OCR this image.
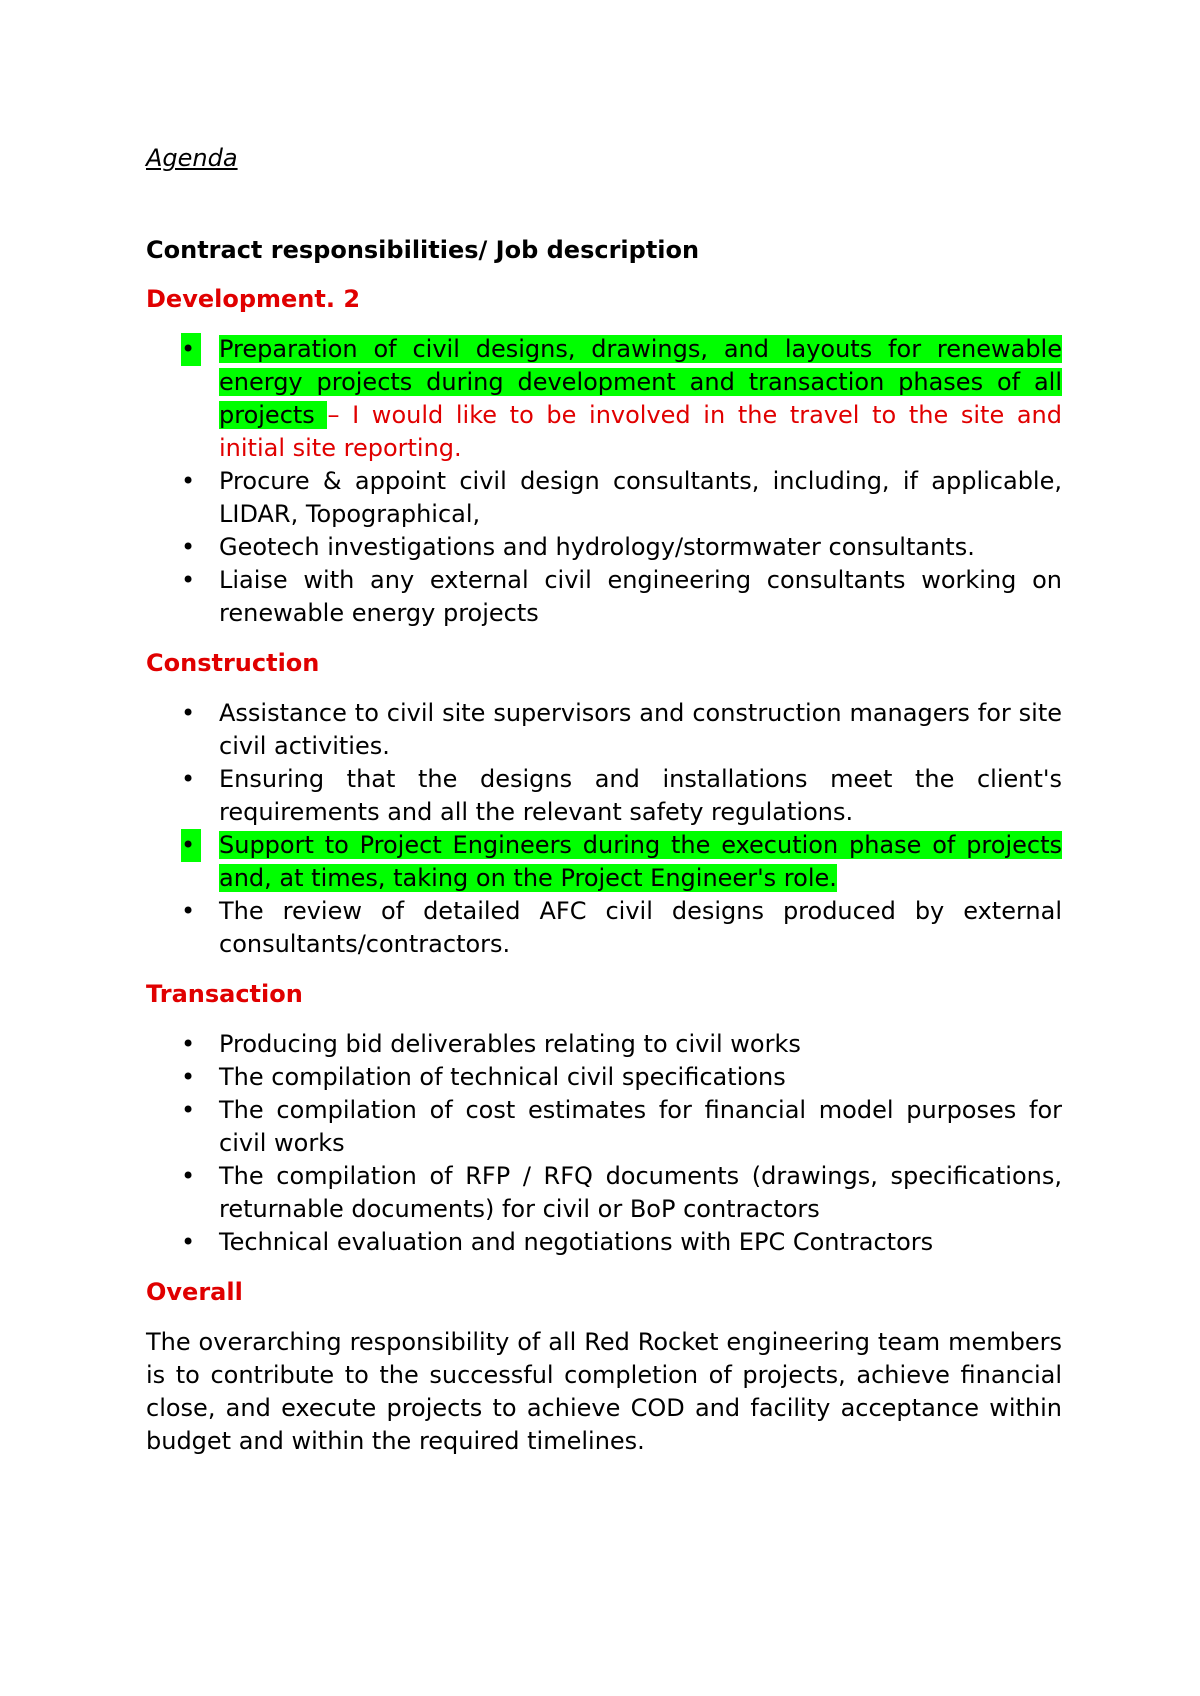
Agenda

Contract responsibilities/ Job description

Development. 2

• Preparation of civil designs, drawings, and layouts for renewable energy projects during development and transaction phases of all projects – I would like to be involved in the travel to the site and initial site reporting.
• Procure & appoint civil design consultants, including, if applicable, LIDAR, Topographical,
• Geotech investigations and hydrology/stormwater consultants.
• Liaise with any external civil engineering consultants working on renewable energy projects

Construction

• Assistance to civil site supervisors and construction managers for site civil activities.
• Ensuring that the designs and installations meet the client's requirements and all the relevant safety regulations.
• Support to Project Engineers during the execution phase of projects and, at times, taking on the Project Engineer's role.
• The review of detailed AFC civil designs produced by external consultants/contractors.

Transaction

• Producing bid deliverables relating to civil works
• The compilation of technical civil specifications
• The compilation of cost estimates for financial model purposes for civil works
• The compilation of RFP / RFQ documents (drawings, specifications, returnable documents) for civil or BoP contractors
• Technical evaluation and negotiations with EPC Contractors

Overall

The overarching responsibility of all Red Rocket engineering team members is to contribute to the successful completion of projects, achieve financial close, and execute projects to achieve COD and facility acceptance within budget and within the required timelines.
